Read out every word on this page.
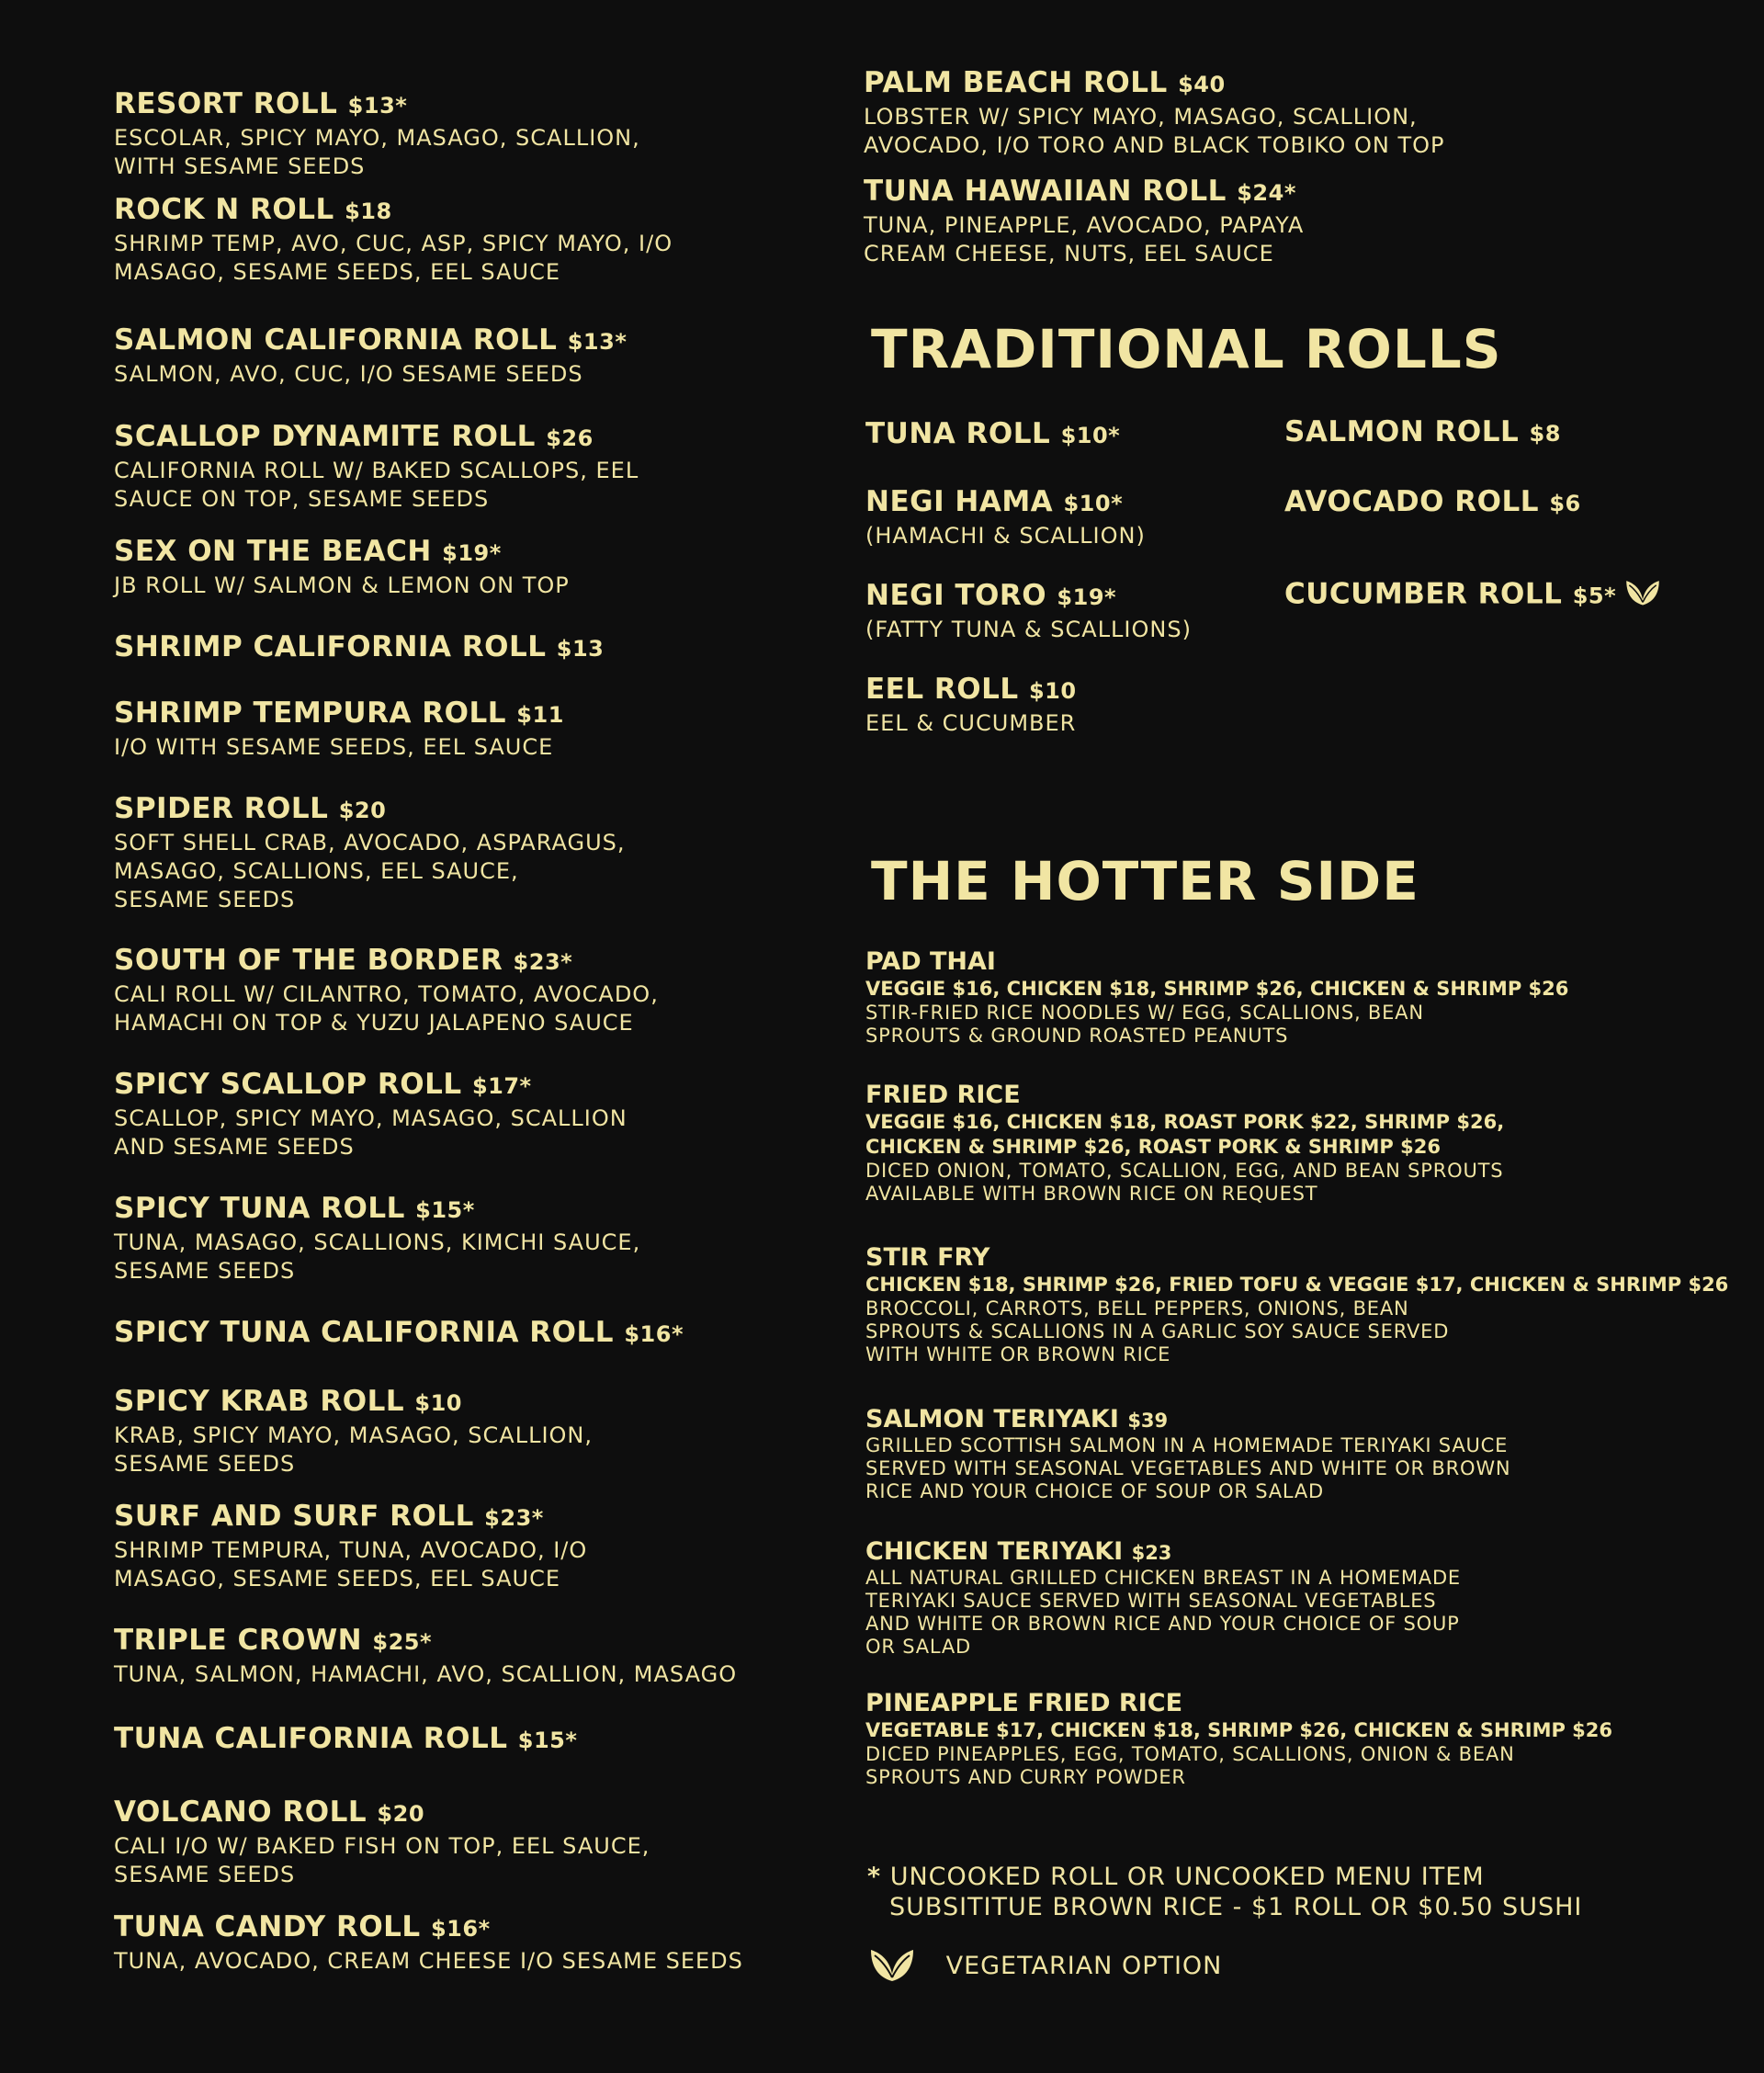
RESORT ROLL $13*
ESCOLAR, SPICY MAYO, MASAGO, SCALLION,
WITH SESAME SEEDS
ROCK N ROLL $18
SHRIMP TEMP, AVO, CUC, ASP, SPICY MAYO, I/O
MASAGO, SESAME SEEDS, EEL SAUCE
SALMON CALIFORNIA ROLL $13*
SALMON, AVO, CUC, I/O SESAME SEEDS
SCALLOP DYNAMITE ROLL $26
CALIFORNIA ROLL W/ BAKED SCALLOPS, EEL
SAUCE ON TOP, SESAME SEEDS
SEX ON THE BEACH $19*
JB ROLL W/ SALMON & LEMON ON TOP
SHRIMP CALIFORNIA ROLL $13
SHRIMP TEMPURA ROLL $11
I/O WITH SESAME SEEDS, EEL SAUCE
SPIDER ROLL $20
SOFT SHELL CRAB, AVOCADO, ASPARAGUS,
MASAGO, SCALLIONS, EEL SAUCE,
SESAME SEEDS
SOUTH OF THE BORDER $23*
CALI ROLL W/ CILANTRO, TOMATO, AVOCADO,
HAMACHI ON TOP & YUZU JALAPENO SAUCE
SPICY SCALLOP ROLL $17*
SCALLOP, SPICY MAYO, MASAGO, SCALLION
AND SESAME SEEDS
SPICY TUNA ROLL $15*
TUNA, MASAGO, SCALLIONS, KIMCHI SAUCE,
SESAME SEEDS
SPICY TUNA CALIFORNIA ROLL $16*
SPICY KRAB ROLL $10
KRAB, SPICY MAYO, MASAGO, SCALLION,
SESAME SEEDS
SURF AND SURF ROLL $23*
SHRIMP TEMPURA, TUNA, AVOCADO, I/O
MASAGO, SESAME SEEDS, EEL SAUCE
TRIPLE CROWN $25*
TUNA, SALMON, HAMACHI, AVO, SCALLION, MASAGO
TUNA CALIFORNIA ROLL $15*
VOLCANO ROLL $20
CALI I/O W/ BAKED FISH ON TOP, EEL SAUCE,
SESAME SEEDS
TUNA CANDY ROLL $16*
TUNA, AVOCADO, CREAM CHEESE I/O SESAME SEEDS
TRADITIONAL ROLLS
THE HOTTER SIDE
* UNCOOKED ROLL OR UNCOOKED MENU ITEM
SUBSITITUE BROWN RICE - $1 ROLL OR $0.50 SUSHI
VEGETARIAN OPTION
PALM BEACH ROLL $40
LOBSTER W/ SPICY MAYO, MASAGO, SCALLION,
AVOCADO, I/O TORO AND BLACK TOBIKO ON TOP
TUNA HAWAIIAN ROLL $24*
TUNA, PINEAPPLE, AVOCADO, PAPAYA
CREAM CHEESE, NUTS, EEL SAUCE
TUNA ROLL $10*
NEGI HAMA $10*
(HAMACHI & SCALLION)
NEGI TORO $19*
(FATTY TUNA & SCALLIONS)
EEL ROLL $10
EEL & CUCUMBER
SALMON ROLL $8
AVOCADO ROLL $6
CUCUMBER ROLL $5*
PAD THAI
VEGGIE $16, CHICKEN $18, SHRIMP $26, CHICKEN & SHRIMP $26
STIR-FRIED RICE NOODLES W/ EGG, SCALLIONS, BEAN
SPROUTS & GROUND ROASTED PEANUTS
FRIED RICE
VEGGIE $16, CHICKEN $18, ROAST PORK $22, SHRIMP $26,
CHICKEN & SHRIMP $26, ROAST PORK & SHRIMP $26
DICED ONION, TOMATO, SCALLION, EGG, AND BEAN SPROUTS
AVAILABLE WITH BROWN RICE ON REQUEST
STIR FRY
CHICKEN $18, SHRIMP $26, FRIED TOFU & VEGGIE $17, CHICKEN & SHRIMP $26
BROCCOLI, CARROTS, BELL PEPPERS, ONIONS, BEAN
SPROUTS & SCALLIONS IN A GARLIC SOY SAUCE SERVED
WITH WHITE OR BROWN RICE
SALMON TERIYAKI $39
GRILLED SCOTTISH SALMON IN A HOMEMADE TERIYAKI SAUCE
SERVED WITH SEASONAL VEGETABLES AND WHITE OR BROWN
RICE AND YOUR CHOICE OF SOUP OR SALAD
CHICKEN TERIYAKI $23
ALL NATURAL GRILLED CHICKEN BREAST IN A HOMEMADE
TERIYAKI SAUCE SERVED WITH SEASONAL VEGETABLES
AND WHITE OR BROWN RICE AND YOUR CHOICE OF SOUP
OR SALAD
PINEAPPLE FRIED RICE
VEGETABLE $17, CHICKEN $18, SHRIMP $26, CHICKEN & SHRIMP $26
DICED PINEAPPLES, EGG, TOMATO, SCALLIONS, ONION & BEAN
SPROUTS AND CURRY POWDER
